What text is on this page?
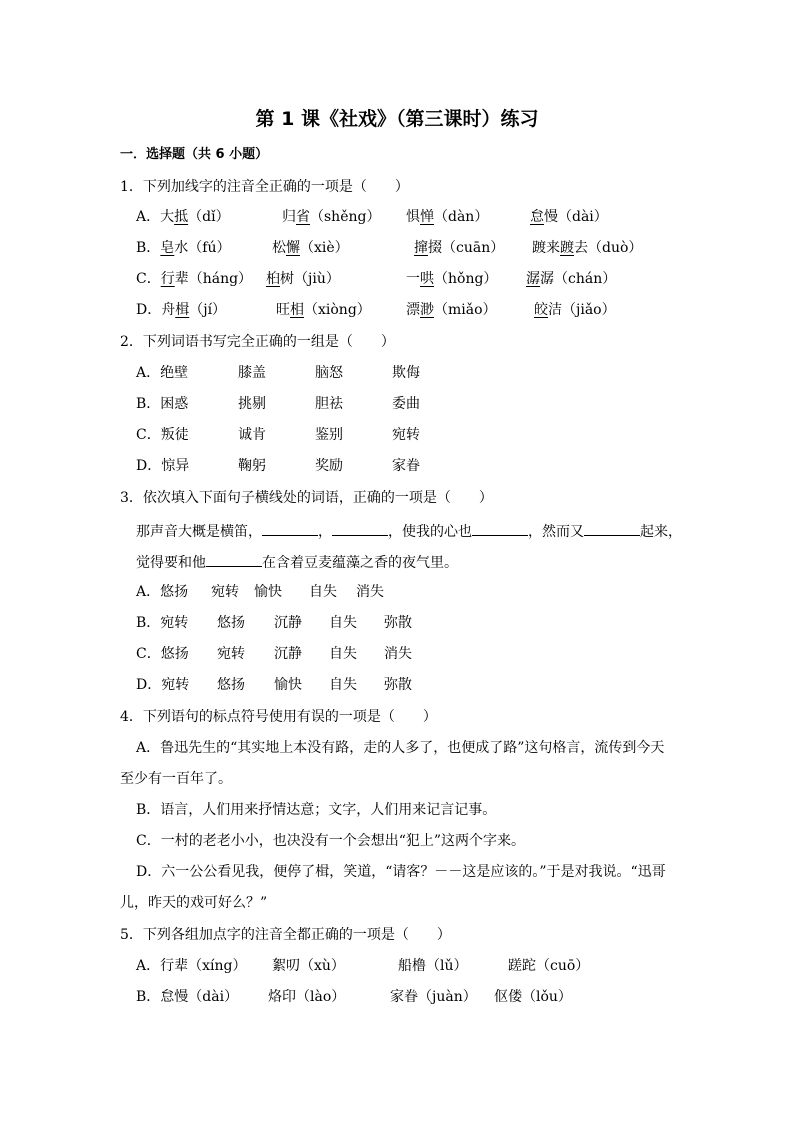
第 1 课《社戏》（第三课时）练习
一．选择题（共 6 小题）
1．下列加线字的注音全正确的一项是（　　）
A．大抵（dǐ）	归省（shěng） 惧惮（dàn）	怠慢（dài）
B．皂水（fú）	松懈（xiè）	撺掇（cuān） 踱来踱去（duò）
C．行辈（háng） 桕树（jiù）	一哄（hǒng） 潺潺（chán）
D．舟楫（jí）	旺相（xiòng）	漂渺（miǎo）	皎洁（jiǎo）
2．下列词语书写完全正确的一组是（　　）
A．绝壁	膝盖	脑怒	欺侮
B．困惑	挑剔	胆祛	委曲
C．叛徒	诚肯	鉴别	宛转
D．惊异	鞠躬	奖励	家眷
3．依次填入下面句子横线处的词语，正确的一项是（　　）
那声音大概是横笛，	，	，使我的心也	，然而又	起来，
觉得要和他	在含着豆麦蕴藻之香的夜气里。
A．悠扬 宛转 愉快 自失 消失
B．宛转 悠扬 沉静 自失 弥散
C．悠扬 宛转 沉静 自失 消失
D．宛转 悠扬 愉快 自失 弥散
4．下列语句的标点符号使用有误的一项是（　　）
A．鲁迅先生的“其实地上本没有路，走的人多了，也便成了路”这句格言，流传到今天
至少有一百年了。
B．语言，人们用来抒情达意；文字，人们用来记言记事。
C．一村的老老小小，也决没有一个会想出“犯上”这两个字来。
D．六一公公看见我，便停了楫，笑道，“请客？－－这是应该的。”于是对我说。“迅哥
儿，昨天的戏可好么？”
5．下列各组加点字的注音全都正确的一项是（　　）
A．行辈（xíng） 絮叨（xù）	船橹（lǔ）	蹉跎（cuō）
B．怠慢（dài） 烙印（lào）	家眷（juàn） 伛偻（lǒu）
